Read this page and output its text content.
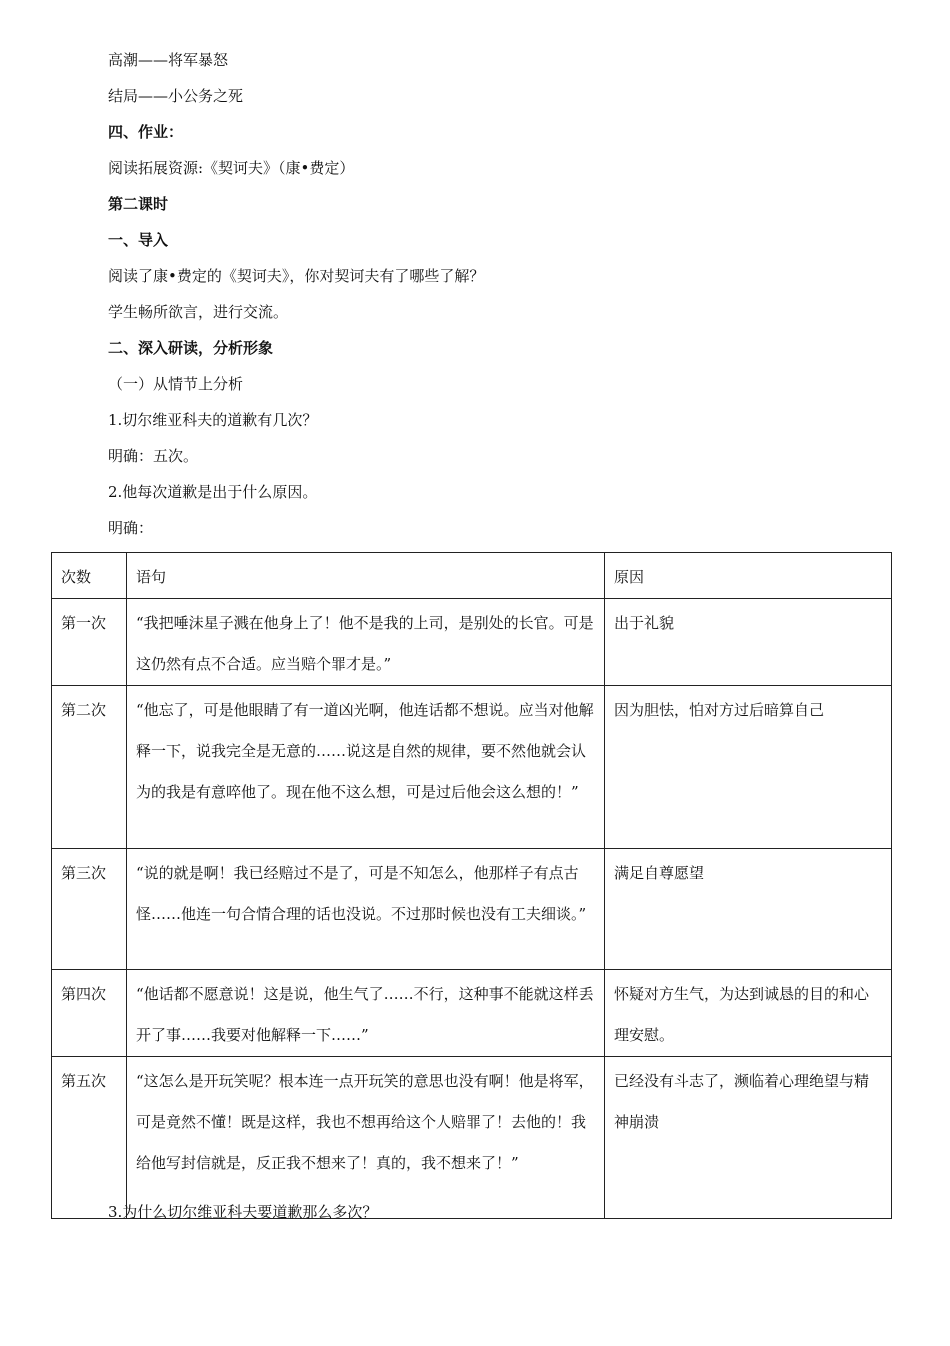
高潮——将军暴怒
结局——小公务之死
四、作业：
阅读拓展资源:《契诃夫》（康•费定）
第二课时
一、导入
阅读了康•费定的《契诃夫》，你对契诃夫有了哪些了解？
学生畅所欲言，进行交流。
二、深入研读，分析形象
（一）从情节上分析
1.切尔维亚科夫的道歉有几次？
明确：五次。
2.他每次道歉是出于什么原因。
明确：
次数	语句	原因
第一次	“我把唾沫星子溅在他身上了！他不是我的上司，是别处的长官。可是这仍然有点不合适。应当赔个罪才是。”	出于礼貌
第二次	“他忘了，可是他眼睛了有一道凶光啊，他连话都不想说。应当对他解释一下，说我完全是无意的……说这是自然的规律，要不然他就会认为的我是有意啐他了。现在他不这么想，可是过后他会这么想的！”	因为胆怯，怕对方过后暗算自己
第三次	“说的就是啊！我已经赔过不是了，可是不知怎么，他那样子有点古怪……他连一句合情合理的话也没说。不过那时候也没有工夫细谈。”	满足自尊愿望
第四次	“他话都不愿意说！这是说，他生气了……不行，这种事不能就这样丢开了事……我要对他解释一下……”	怀疑对方生气，为达到诚恳的目的和心理安慰。
第五次	“这怎么是开玩笑呢？根本连一点开玩笑的意思也没有啊！他是将军，可是竟然不懂！既是这样，我也不想再给这个人赔罪了！去他的！我给他写封信就是，反正我不想来了！真的，我不想来了！”	已经没有斗志了，濒临着心理绝望与精神崩溃
3.为什么切尔维亚科夫要道歉那么多次？
